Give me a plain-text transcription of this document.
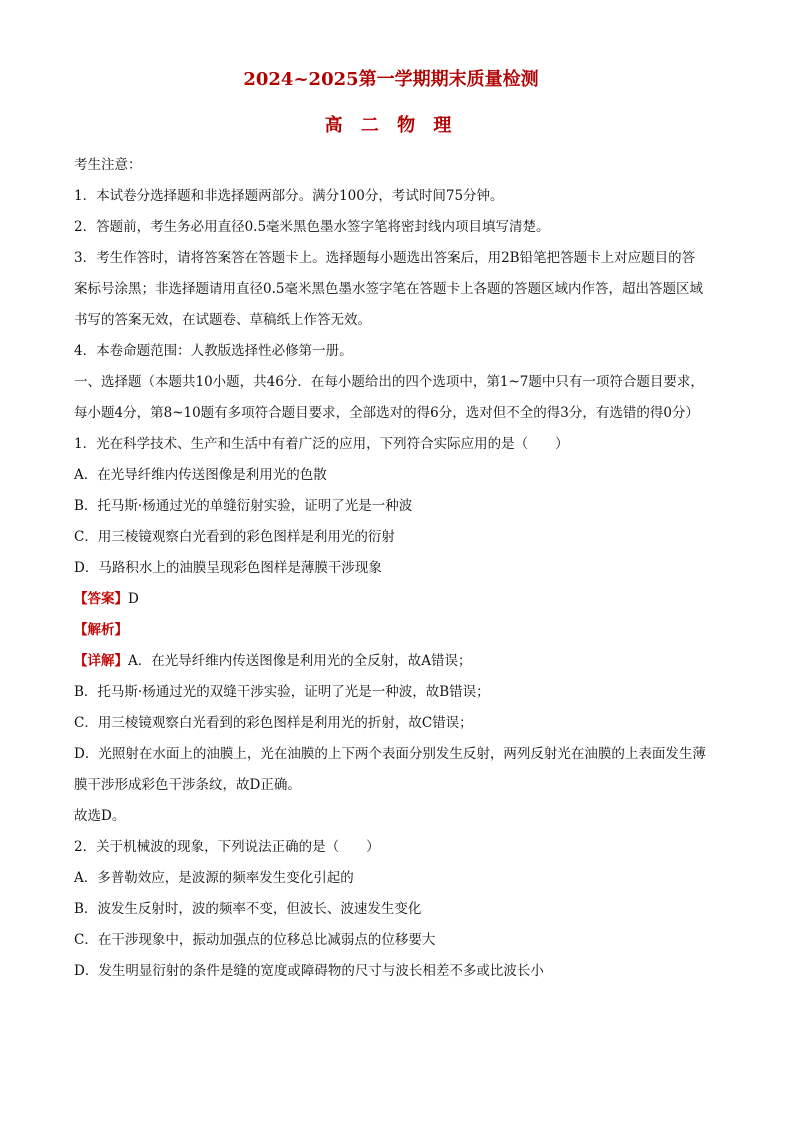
2024~2025第一学期期末质量检测
高 二 物 理

考生注意：

1．本试卷分选择题和非选择题两部分。满分100分，考试时间75分钟。

2．答题前，考生务必用直径0.5毫米黑色墨水签字笔将密封线内项目填写清楚。

3．考生作答时，请将答案答在答题卡上。选择题每小题选出答案后，用2B铅笔把答题卡上对应题目的答案标号涂黑；非选择题请用直径0.5毫米黑色墨水签字笔在答题卡上各题的答题区域内作答，超出答题区域书写的答案无效，在试题卷、草稿纸上作答无效。

4．本卷命题范围：人教版选择性必修第一册。

一、选择题（本题共10小题，共46分．在每小题给出的四个选项中，第1~7题中只有一项符合题目要求，每小题4分，第8~10题有多项符合题目要求，全部选对的得6分，选对但不全的得3分，有选错的得0分）

1．光在科学技术、生产和生活中有着广泛的应用，下列符合实际应用的是（　　）

A．在光导纤维内传送图像是利用光的色散

B．托马斯·杨通过光的单缝衍射实验，证明了光是一种波

C．用三棱镜观察白光看到的彩色图样是利用光的衍射

D．马路积水上的油膜呈现彩色图样是薄膜干涉现象

【答案】D

【解析】

【详解】A．在光导纤维内传送图像是利用光的全反射，故A错误；

B．托马斯·杨通过光的双缝干涉实验，证明了光是一种波，故B错误；

C．用三棱镜观察白光看到的彩色图样是利用光的折射，故C错误；

D．光照射在水面上的油膜上，光在油膜的上下两个表面分别发生反射，两列反射光在油膜的上表面发生薄膜干涉形成彩色干涉条纹，故D正确。

故选D。

2．关于机械波的现象，下列说法正确的是（　　）

A．多普勒效应，是波源的频率发生变化引起的

B．波发生反射时，波的频率不变，但波长、波速发生变化

C．在干涉现象中，振动加强点的位移总比减弱点的位移要大

D．发生明显衍射的条件是缝的宽度或障碍物的尺寸与波长相差不多或比波长小
